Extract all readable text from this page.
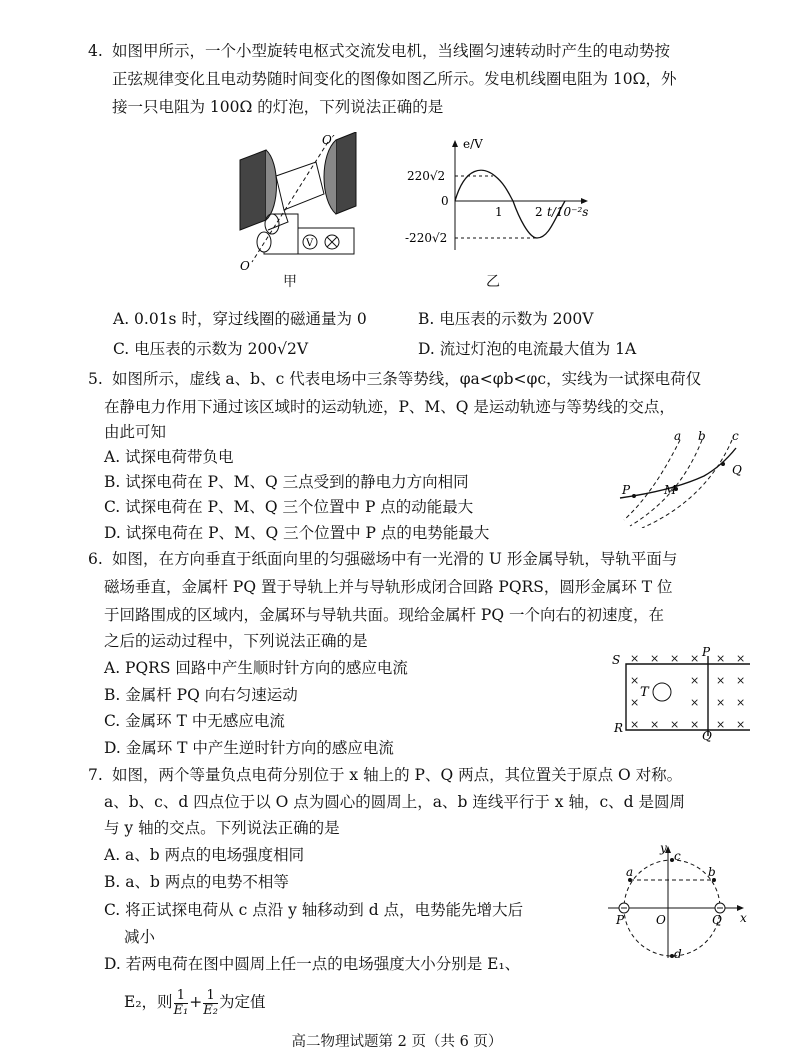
4. 如图甲所示，一个小型旋转电枢式交流发电机，当线圈匀速转动时产生的电动势按
正弦规律变化且电动势随时间变化的图像如图乙所示。发电机线圈电阻为 10Ω，外
接一只电阻为 100Ω 的灯泡，下列说法正确的是
V
O′
O
甲
e/V
220√2
0
-220√2
1	2 t/10⁻²s
乙
A. 0.01s 时，穿过线圈的磁通量为 0	B. 电压表的示数为 200V
C. 电压表的示数为 200√2V	D. 流过灯泡的电流最大值为 1A
5. 如图所示，虚线 a、b、c 代表电场中三条等势线，φa<φb<φc，实线为一试探电荷仅
在静电力作用下通过该区域时的运动轨迹，P、M、Q 是运动轨迹与等势线的交点，
由此可知	a b c
P	M
Q
A. 试探电荷带负电
B. 试探电荷在 P、M、Q 三点受到的静电力方向相同
C. 试探电荷在 P、M、Q 三个位置中 P 点的动能最大
D. 试探电荷在 P、M、Q 三个位置中 P 点的电势能最大
6. 如图，在方向垂直于纸面向里的匀强磁场中有一光滑的 U 形金属导轨，导轨平面与
磁场垂直，金属杆 PQ 置于导轨上并与导轨形成闭合回路 PQRS，圆形金属环 T 位
于回路围成的区域内，金属环与导轨共面。现给金属杆 PQ 一个向右的初速度，在
之后的运动过程中，下列说法正确的是
× × × × × ×
×	× × ×
×	× × ×
× × × × × ×
S
P
T
R
Q
A. PQRS 回路中产生顺时针方向的感应电流
B. 金属杆 PQ 向右匀速运动
C. 金属环 T 中无感应电流
D. 金属环 T 中产生逆时针方向的感应电流
7. 如图，两个等量负点电荷分别位于 x 轴上的 P、Q 两点，其位置关于原点 O 对称。
a、b、c、d 四点位于以 O 点为圆心的圆周上，a、b 连线平行于 x 轴，c、d 是圆周
与 y 轴的交点。下列说法正确的是
y
x
a	b
c
d
P	O	Q
A. a、b 两点的电场强度相同
B. a、b 两点的电势不相等
C. 将正试探电荷从 c 点沿 y 轴移动到 d 点，电势能先增大后
减小
D. 若两电荷在图中圆周上任一点的电场强度大小分别是 E₁、
E₂，则 $\frac{1}{\text{E₁}} + \frac{1}{\text{E₂}}$ 为定值
高二物理试题第 2 页（共 6 页）
